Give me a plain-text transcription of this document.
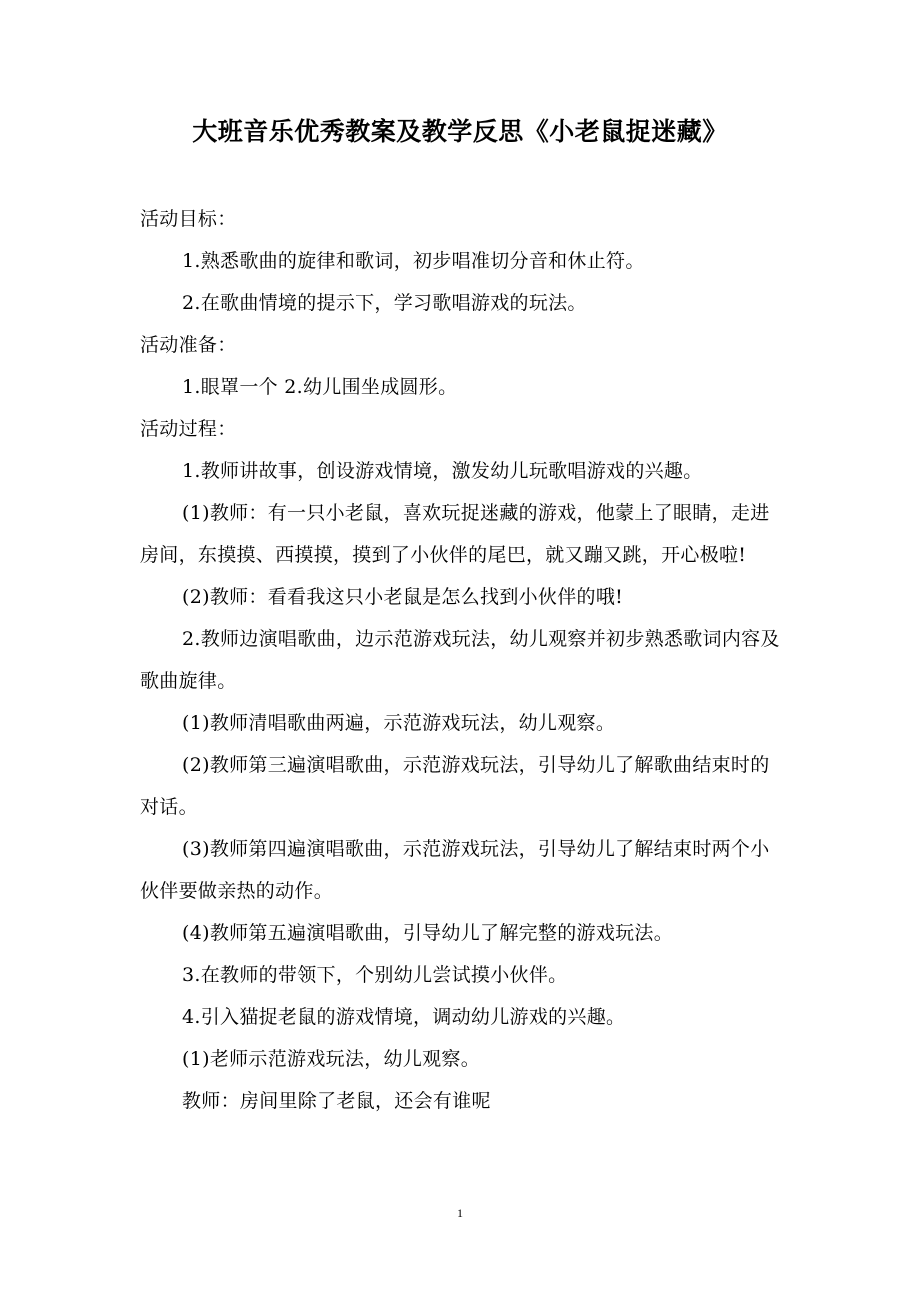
大班音乐优秀教案及教学反思《小老鼠捉迷藏》

活动目标：

1.熟悉歌曲的旋律和歌词，初步唱准切分音和休止符。

2.在歌曲情境的提示下，学习歌唱游戏的玩法。

活动准备：

1.眼罩一个 2.幼儿围坐成圆形。

活动过程：

1.教师讲故事，创设游戏情境，激发幼儿玩歌唱游戏的兴趣。

(1)教师：有一只小老鼠，喜欢玩捉迷藏的游戏，他蒙上了眼睛，走进房间，东摸摸、西摸摸，摸到了小伙伴的尾巴，就又蹦又跳，开心极啦!

(2)教师：看看我这只小老鼠是怎么找到小伙伴的哦!

2.教师边演唱歌曲，边示范游戏玩法，幼儿观察并初步熟悉歌词内容及歌曲旋律。

(1)教师清唱歌曲两遍，示范游戏玩法，幼儿观察。

(2)教师第三遍演唱歌曲，示范游戏玩法，引导幼儿了解歌曲结束时的对话。

(3)教师第四遍演唱歌曲，示范游戏玩法，引导幼儿了解结束时两个小伙伴要做亲热的动作。

(4)教师第五遍演唱歌曲，引导幼儿了解完整的游戏玩法。

3.在教师的带领下，个别幼儿尝试摸小伙伴。

4.引入猫捉老鼠的游戏情境，调动幼儿游戏的兴趣。

(1)老师示范游戏玩法，幼儿观察。

教师：房间里除了老鼠，还会有谁呢

1
